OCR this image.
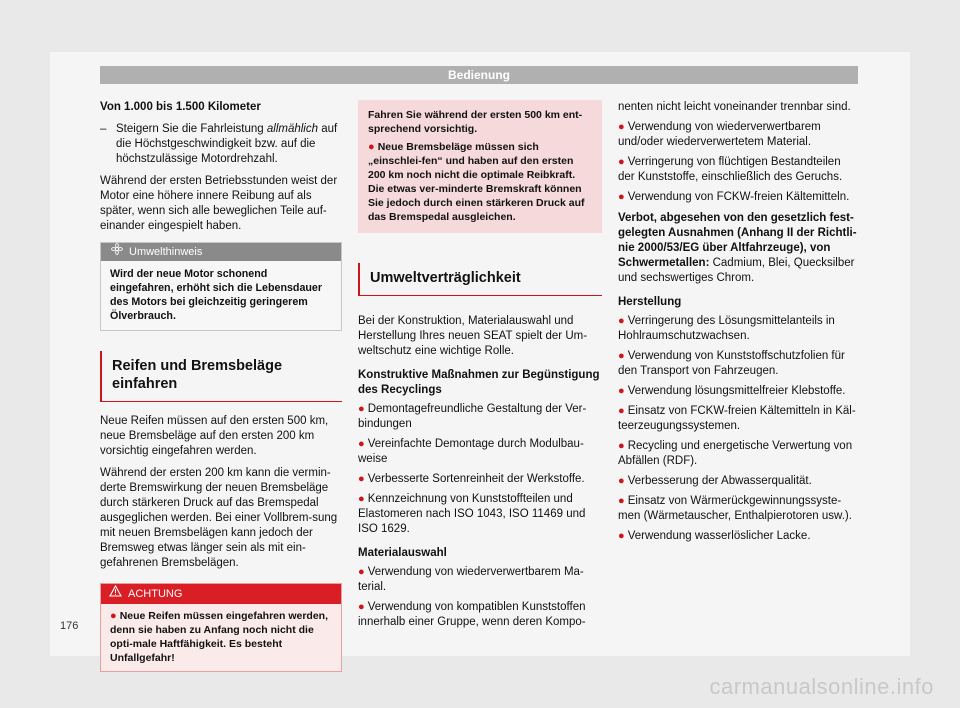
Bedienung
Von 1.000 bis 1.500 Kilometer
– Steigern Sie die Fahrleistung allmählich auf die Höchstgeschwindigkeit bzw. auf die höchstzulässige Motordrehzahl.
Während der ersten Betriebsstunden weist der Motor eine höhere innere Reibung auf als später, wenn sich alle beweglichen Teile auf-einander eingespielt haben.
Umwelthinweis
Wird der neue Motor schonend eingefahren, erhöht sich die Lebensdauer des Motors bei gleichzeitig geringerem Ölverbrauch.
Reifen und Bremsbeläge einfahren
Neue Reifen müssen auf den ersten 500 km, neue Bremsbeläge auf den ersten 200 km vorsichtig eingefahren werden.
Während der ersten 200 km kann die vermin-derte Bremswirkung der neuen Bremsbeläge durch stärkeren Druck auf das Bremspedal ausgeglichen werden. Bei einer Vollbrem-sung mit neuen Bremsbelägen kann jedoch der Bremsweg etwas länger sein als mit ein-gefahrenen Bremsbelägen.
ACHTUNG
● Neue Reifen müssen eingefahren werden, denn sie haben zu Anfang noch nicht die opti-male Haftfähigkeit. Es besteht Unfallgefahr!
Fahren Sie während der ersten 500 km ent-sprechend vorsichtig.
● Neue Bremsbeläge müssen sich „einschlei-fen“ und haben auf den ersten 200 km noch nicht die optimale Reibkraft. Die etwas ver-minderte Bremskraft können Sie jedoch durch einen stärkeren Druck auf das Bremspedal ausgleichen.
Umweltverträglichkeit
Bei der Konstruktion, Materialauswahl und Herstellung Ihres neuen SEAT spielt der Um-weltschutz eine wichtige Rolle.
Konstruktive Maßnahmen zur Begünstigung des Recyclings
● Demontagefreundliche Gestaltung der Ver-bindungen
● Vereinfachte Demontage durch Modulbau-weise
● Verbesserte Sortenreinheit der Werkstoffe.
● Kennzeichnung von Kunststoffteilen und Elastomeren nach ISO 1043, ISO 11469 und ISO 1629.
Materialauswahl
● Verwendung von wiederverwertbarem Ma-terial.
● Verwendung von kompatiblen Kunststoffen innerhalb einer Gruppe, wenn deren Kompo-
nenten nicht leicht voneinander trennbar sind.
● Verwendung von wiederverwertbarem und/oder wiederverwertetem Material.
● Verringerung von flüchtigen Bestandteilen der Kunststoffe, einschließlich des Geruchs.
● Verwendung von FCKW-freien Kältemitteln.
Verbot, abgesehen von den gesetzlich fest-gelegten Ausnahmen (Anhang II der Richtli-nie 2000/53/EG über Altfahrzeuge), von Schwermetallen: Cadmium, Blei, Quecksilber und sechswertiges Chrom.
Herstellung
● Verringerung des Lösungsmittelanteils in Hohlraumschutzwachsen.
● Verwendung von Kunststoffschutzfolien für den Transport von Fahrzeugen.
● Verwendung lösungsmittelfreier Klebstoffe.
● Einsatz von FCKW-freien Kältemitteln in Käl-teerzeugungssystemen.
● Recycling und energetische Verwertung von Abfällen (RDF).
● Verbesserung der Abwasserqualität.
● Einsatz von Wärmerückgewinnungssyste-men (Wärmetauscher, Enthalpierotoren usw.).
● Verwendung wasserlöslicher Lacke.
176
carmanualsonline.info
